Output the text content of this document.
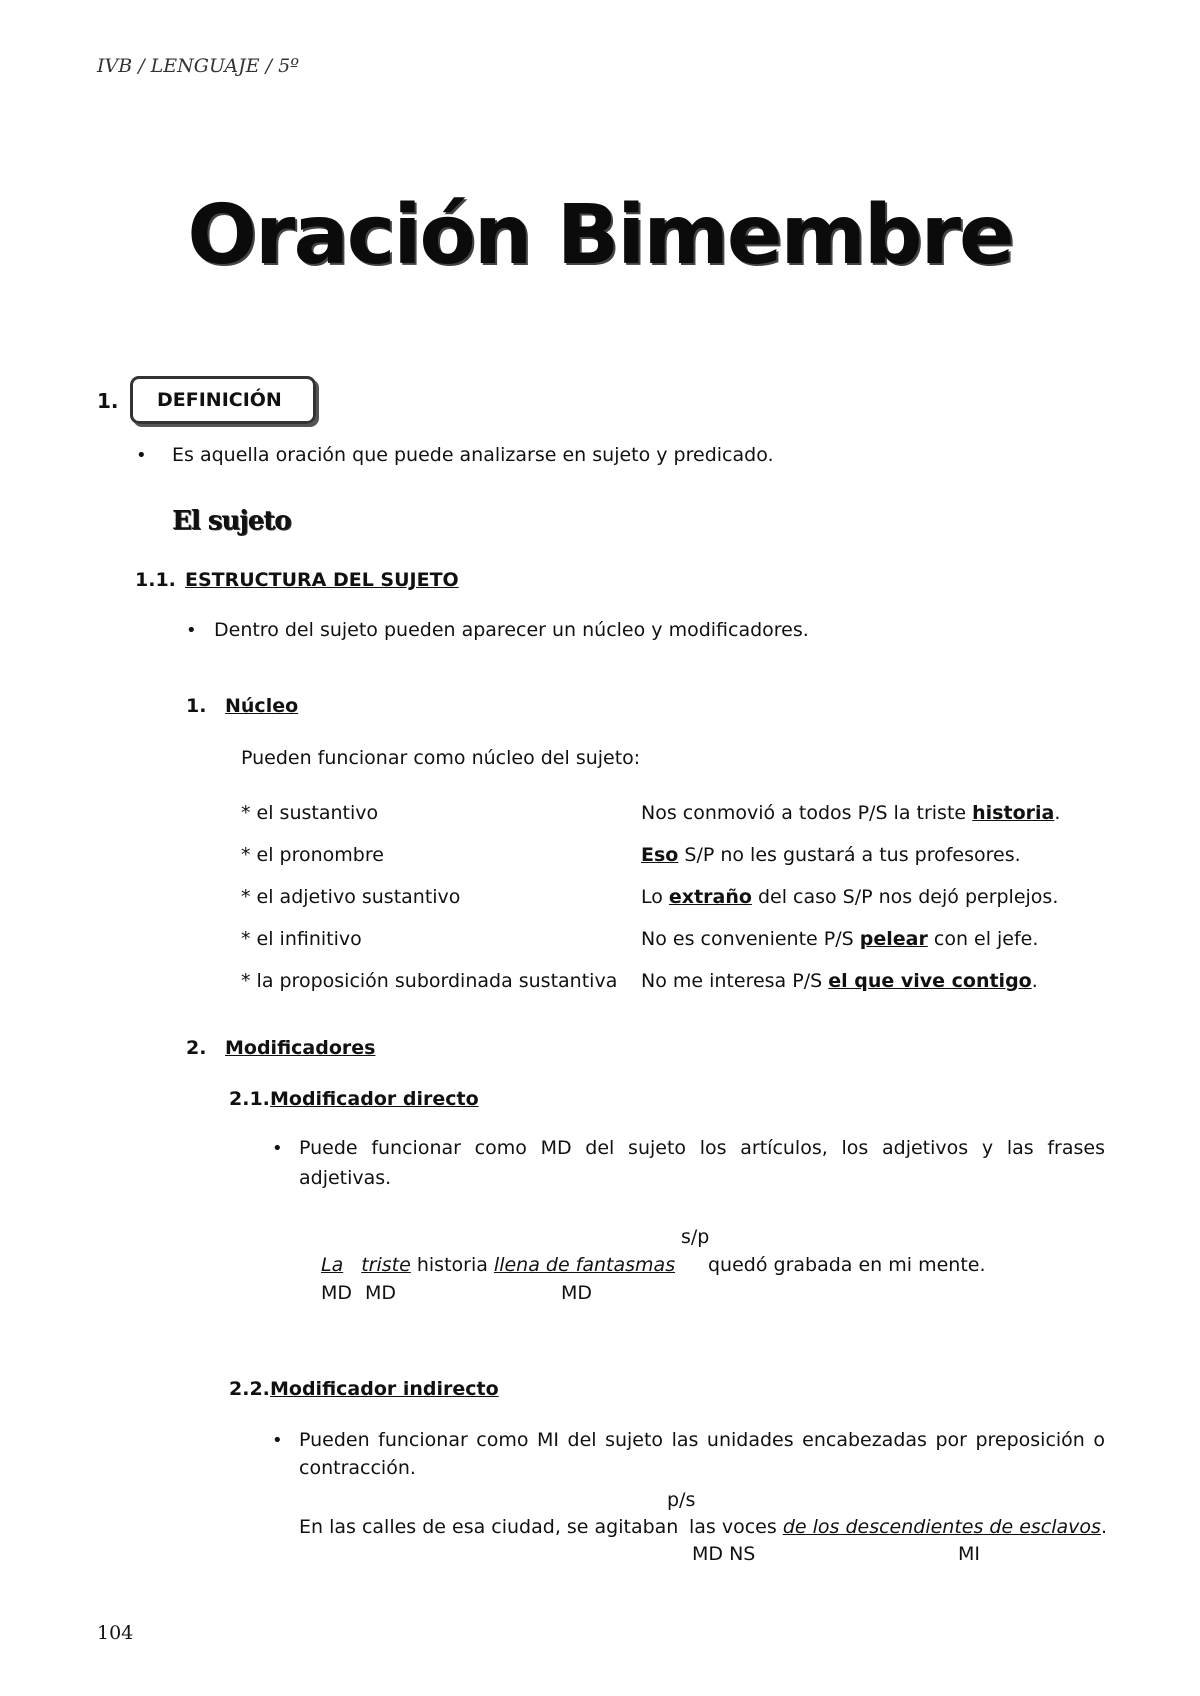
IVB / LENGUAJE / 5º
Oración Bimembre
1.	DEFINICIÓN
• Es aquella oración que puede analizarse en sujeto y predicado.
El sujeto
1.1. ESTRUCTURA DEL SUJETO
• Dentro del sujeto pueden aparecer un núcleo y modificadores.
1. Núcleo
Pueden funcionar como núcleo del sujeto:
* el sustantivo	Nos conmovió a todos P/S la triste historia.
* el pronombre	Eso S/P no les gustará a tus profesores.
* el adjetivo sustantivo	Lo extraño del caso S/P nos dejó perplejos.
* el infinitivo	No es conveniente P/S pelear con el jefe.
* la proposición subordinada sustantiva No me interesa P/S el que vive contigo.
2. Modificadores
2.1. Modificador directo
• Puede funcionar como MD del sujeto los artículos, los adjetivos y las frases
adjetivas.
s/p
La triste historia llena de fantasmas quedó grabada en mi mente.
MD MD	MD
2.2. Modificador indirecto
• Pueden funcionar como MI del sujeto las unidades encabezadas por preposición o
contracción.
p/s
En las calles de esa ciudad, se agitaban las voces de los descendientes de esclavos.
MD NS	MI
104
